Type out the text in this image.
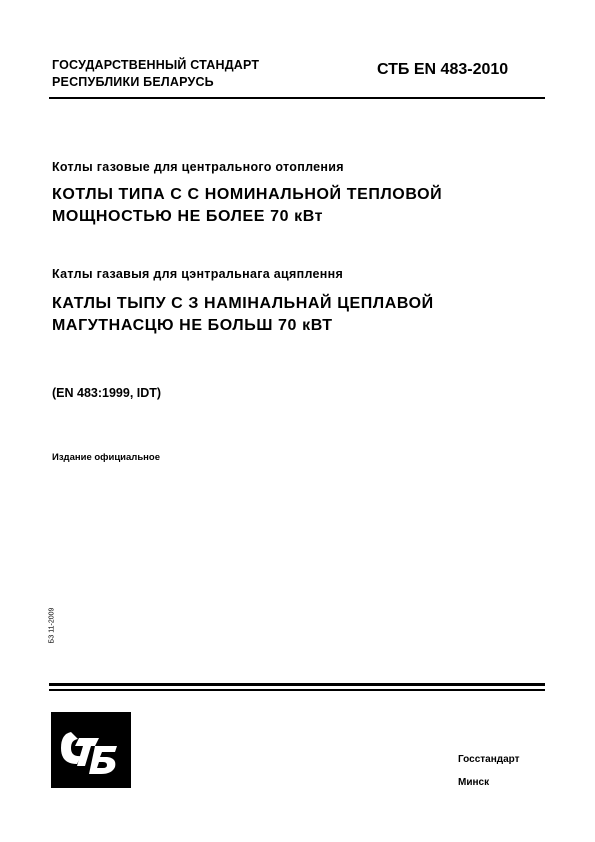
ГОСУДАРСТВЕННЫЙ СТАНДАРТ
РЕСПУБЛИКИ БЕЛАРУСЬ
СТБ EN 483-2010
Котлы газовые для центрального отопления
КОТЛЫ ТИПА С С НОМИНАЛЬНОЙ ТЕПЛОВОЙ
МОЩНОСТЬЮ НЕ БОЛЕЕ 70 кВт
Катлы газавыя для цэнтральнага ацяплення
КАТЛЫ ТЫПУ С З НАМІНАЛЬНАЙ ЦЕПЛАВОЙ
МАГУТНАСЦЮ НЕ БОЛЬШ 70 кВТ
(EN 483:1999, IDT)
Издание официальное
БЗ 11-2009
Госстандарт
Минск
